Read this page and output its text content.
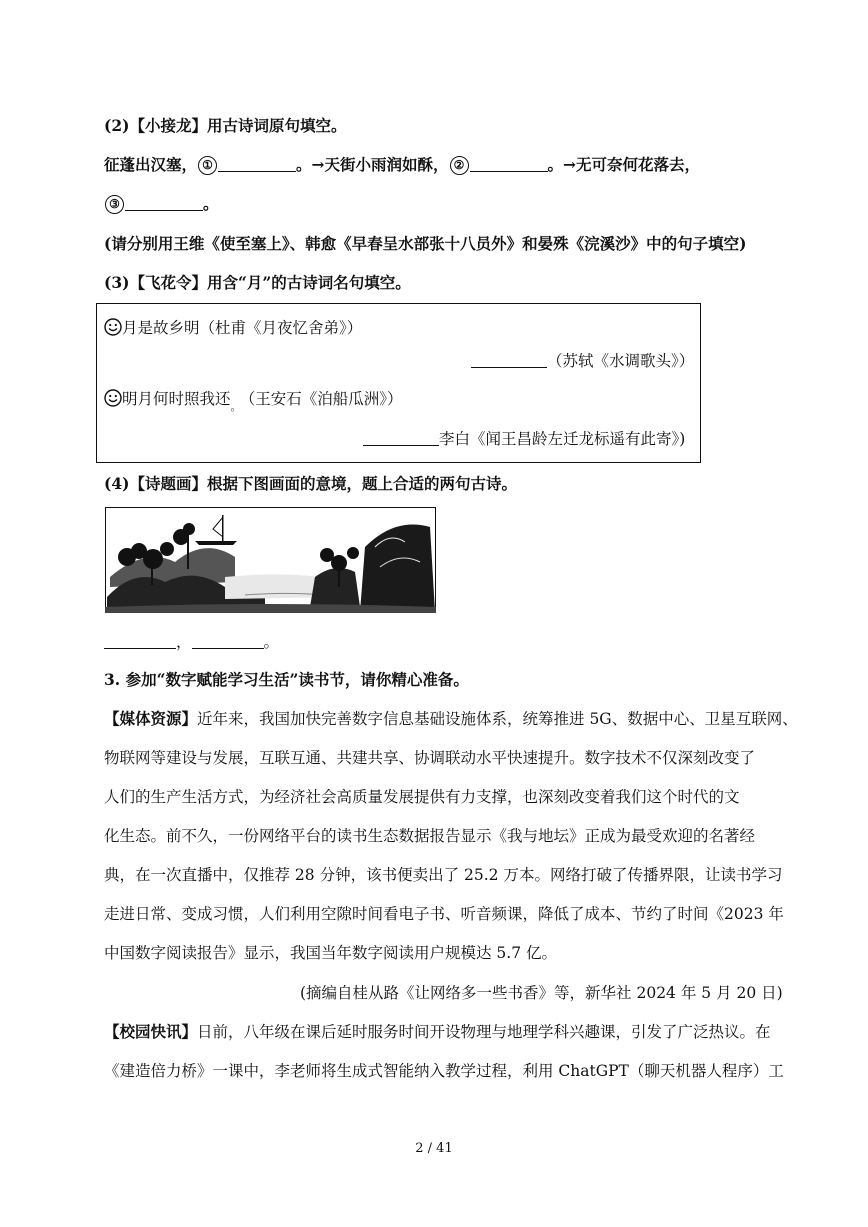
(2)【小接龙】用古诗词原句填空。
征蓬出汉塞， ①	。→天街小雨润如酥， ②	。→无可奈何花落去，
③	。
(请分别用王维《使至塞上》、韩愈《早春呈水部张十八员外》和晏殊《浣溪沙》中的句子填空)
(3)【飞花令】用含“月”的古诗词名句填空。
月是故乡明（杜甫《月夜忆舍弟》）
（苏轼《水调歌头》）
明月何时照我还$_。$ （王安石《泊船瓜洲》）
李白《闻王昌龄左迁龙标遥有此寄》)
(4)【诗题画】根据下图画面的意境，题上合适的两句古诗。
，	。
3. 参加“数字赋能学习生活”读书节，请你精心准备。
【媒体资源】近年来，我国加快完善数字信息基础设施体系，统筹推进 5G、数据中心、卫星互联网、
物联网等建设与发展，互联互通、共建共享、协调联动水平快速提升。数字技术不仅深刻改变了
人们的生产生活方式，为经济社会高质量发展提供有力支撑，也深刻改变着我们这个时代的文
化生态。前不久，一份网络平台的读书生态数据报告显示《我与地坛》正成为最受欢迎的名著经
典，在一次直播中，仅推荐 28 分钟，该书便卖出了 25.2 万本。网络打破了传播界限，让读书学习
走进日常、变成习惯，人们利用空隙时间看电子书、听音频课，降低了成本、节约了时间《2023 年
中国数字阅读报告》显示，我国当年数字阅读用户规模达 5.7 亿。
(摘编自桂从路《让网络多一些书香》等，新华社 2024 年 5 月 20 日)
【校园快讯】日前，八年级在课后延时服务时间开设物理与地理学科兴趣课，引发了广泛热议。在
《建造倍力桥》一课中，李老师将生成式智能纳入教学过程，利用 ChatGPT（聊天机器人程序）工
2 / 41
